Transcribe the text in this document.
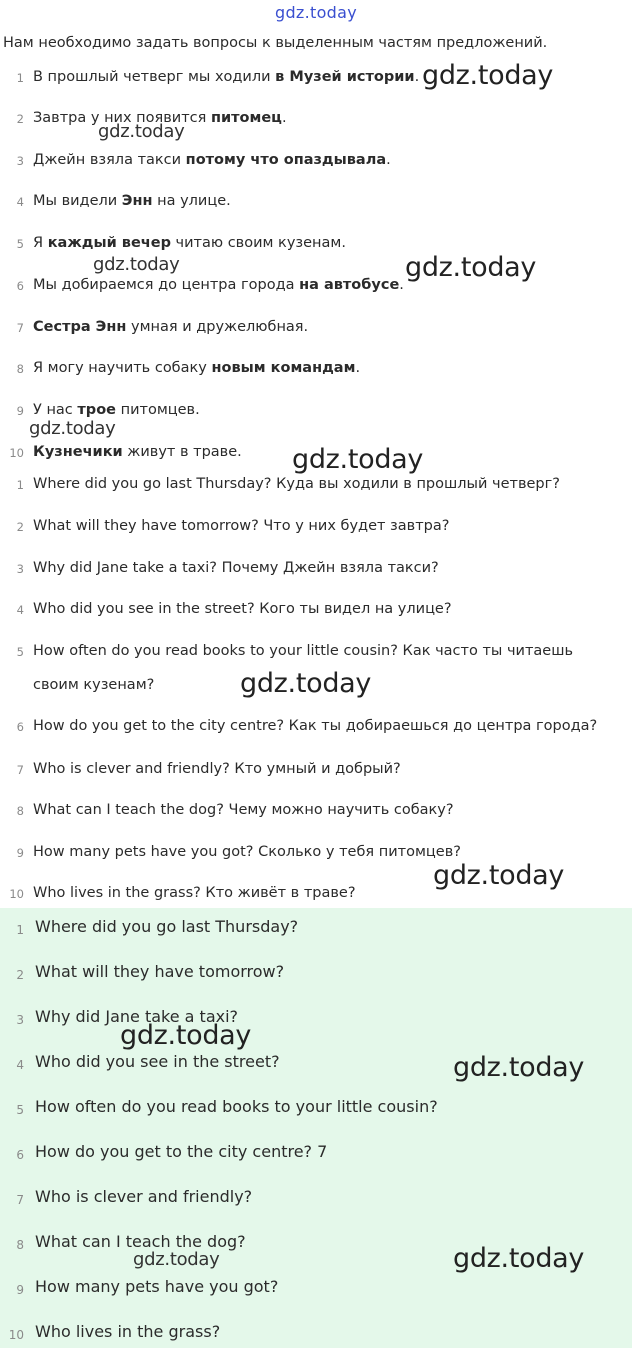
gdz.today
Нам необходимо задать вопросы к выделенным частям предложений.
1 В прошлый четверг мы ходили в Музей истории.
2 Завтра у них появится питомец.
3 Джейн взяла такси потому что опаздывала.
4 Мы видели Энн на улице.
5 Я каждый вечер читаю своим кузенам.
6 Мы добираемся до центра города на автобусе.
7 Сестра Энн умная и дружелюбная.
8 Я могу научить собаку новым командам.
9 У нас трое питомцев.
10 Кузнечики живут в траве.
1 Where did you go last Thursday? Куда вы ходили в прошлый четверг?
2 What will they have tomorrow? Что у них будет завтра?
3 Why did Jane take a taxi? Почему Джейн взяла такси?
4 Who did you see in the street? Кого ты видел на улице?
5 How often do you read books to your little cousin? Как часто ты читаешь своим кузенам?
6 How do you get to the city centre? Как ты добираешься до центра города?
7 Who is clever and friendly? Кто умный и добрый?
8 What can I teach the dog? Чему можно научить собаку?
9 How many pets have you got? Сколько у тебя питомцев?
10 Who lives in the grass? Кто живёт в траве?
1 Where did you go last Thursday?
2 What will they have tomorrow?
3 Why did Jane take a taxi?
4 Who did you see in the street?
5 How often do you read books to your little cousin?
6 How do you get to the city centre? 7
7 Who is clever and friendly?
8 What can I teach the dog?
9 How many pets have you got?
10 Who lives in the grass?
gdz.today
gdz.today
gdz.today	gdz.today
gdz.today
gdz.today
gdz.today
gdz.today
gdz.today
gdz.today
gdz.today	gdz.today
